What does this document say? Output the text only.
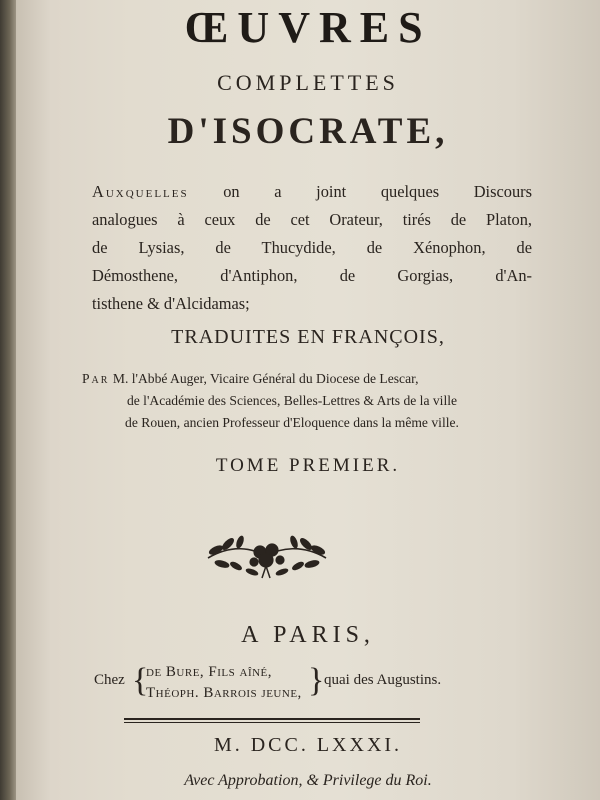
ŒUVRES
COMPLETTES
D'ISOCRATE,
Auxquelles on a joint quelques Discours
analogues à ceux de cet Orateur, tirés de Platon,
de Lysias, de Thucydide, de Xénophon, de
Démosthene, d'Antiphon, de Gorgias, d'An-
tisthene & d'Alcidamas;
TRADUITES EN FRANÇOIS,
Par M. l'Abbé Auger, Vicaire Général du Diocese de Lescar,
de l'Académie des Sciences, Belles-Lettres & Arts de la ville
de Rouen, ancien Professeur d'Eloquence dans la même ville.
TOME PREMIER.
A PARIS,
Chez {
de Bure, Fils aîné,
Théoph. Barrois jeune, } quai des Augustins.
M. DCC. LXXXI.
Avec Approbation, & Privilege du Roi.
